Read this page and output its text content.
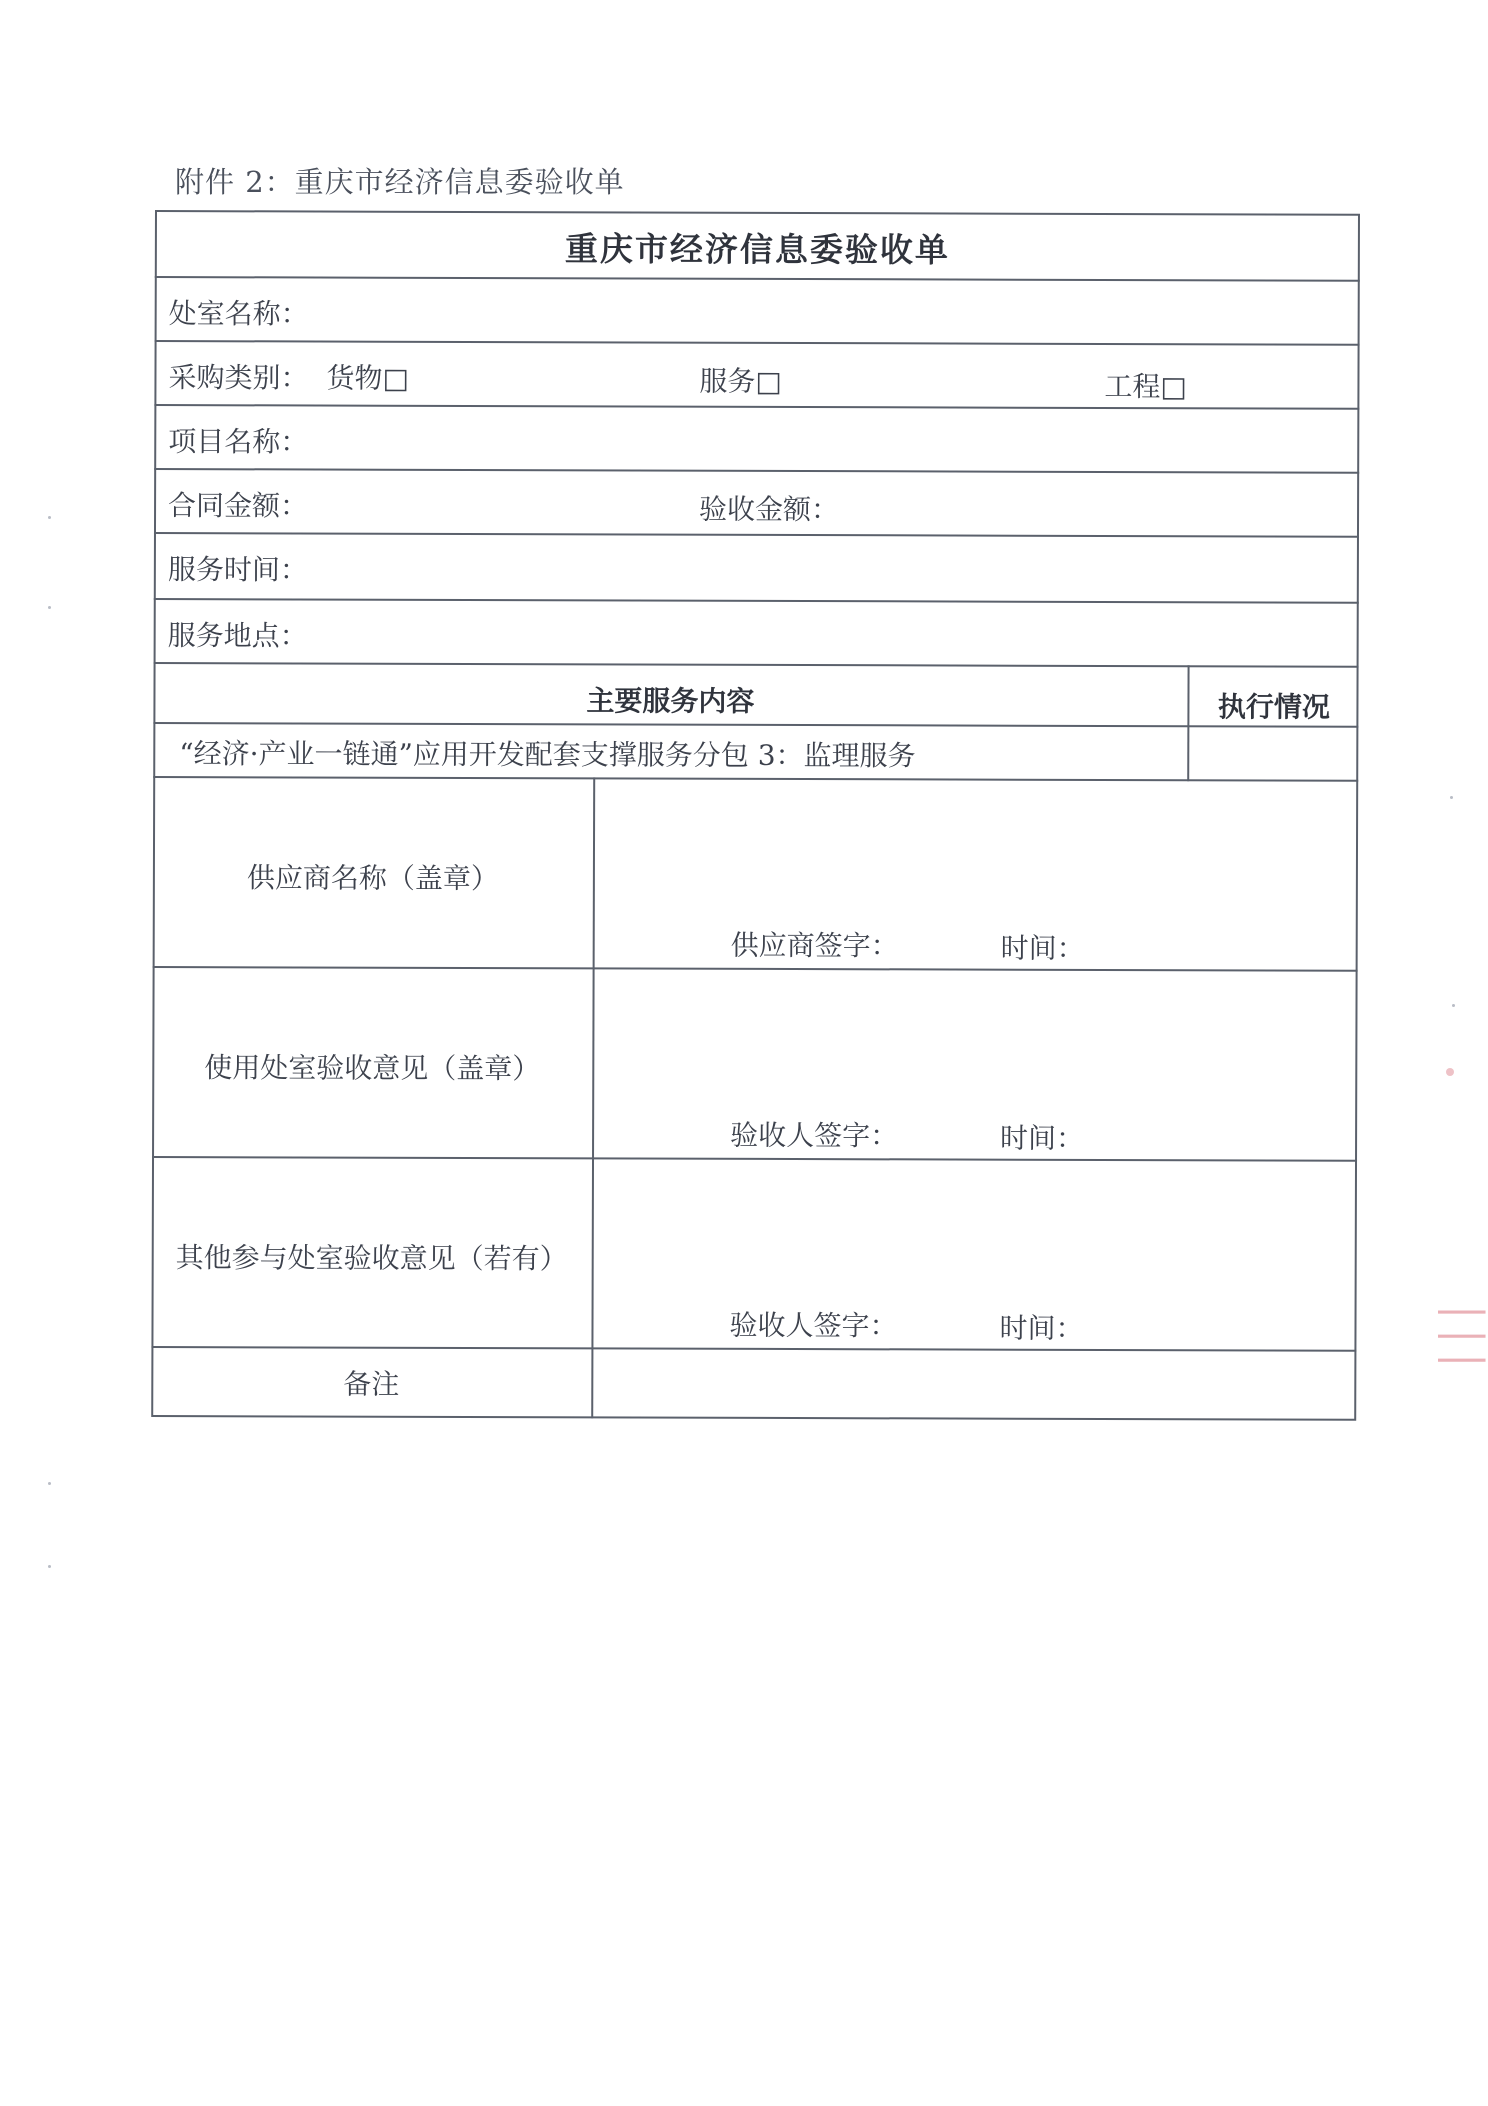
附件 2：重庆市经济信息委验收单
重庆市经济信息委验收单
处室名称：
采购类别： 货物□	服务□	工程□
项目名称：
合同金额：	验收金额：
服务时间：
服务地点：
主要服务内容	执行情况
“经济·产业一链通”应用开发配套支撑服务分包 3：监理服务
供应商名称（盖章）
供应商签字：	时间：
使用处室验收意见（盖章）
验收人签字：	时间：
其他参与处室验收意见（若有）
验收人签字：	时间：
备注
│││
